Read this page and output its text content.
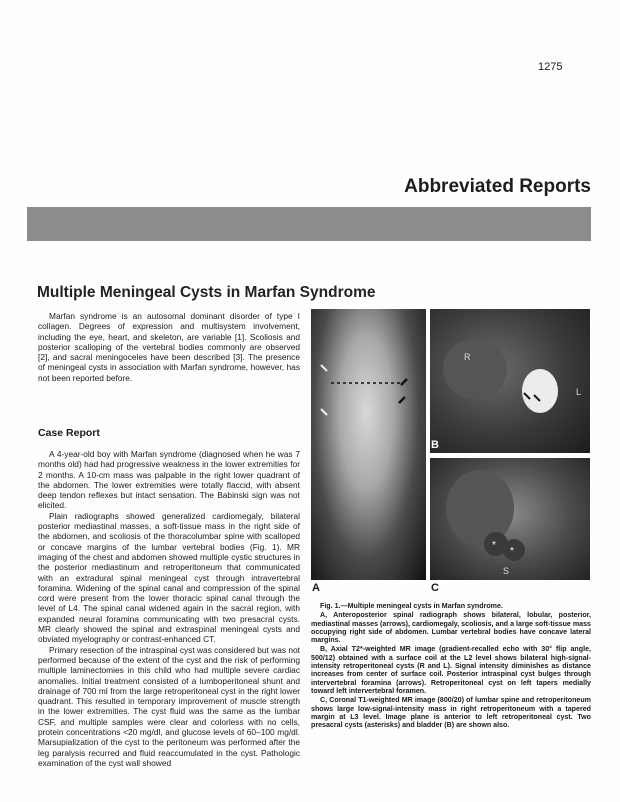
1275
Abbreviated Reports
Multiple Meningeal Cysts in Marfan Syndrome

Marfan syndrome is an autosomal dominant disorder of type I collagen. Degrees of expression and multisystem involvement, including the eye, heart, and skeleton, are variable [1]. Scoliosis and posterior scalloping of the vertebral bodies commonly are observed [2], and sacral meningoceles have been described [3]. The presence of meningeal cysts in association with Marfan syndrome, however, has not been reported before.

Case Report

A 4-year-old boy with Marfan syndrome (diagnosed when he was 7 months old) had had progressive weakness in the lower extremities for 2 months. A 10-cm mass was palpable in the right lower quadrant of the abdomen. The lower extremities were totally flaccid, with absent deep tendon reflexes but intact sensation. The Babinski sign was not elicited.

Plain radiographs showed generalized cardiomegaly, bilateral posterior mediastinal masses, a soft-tissue mass in the right side of the abdomen, and scoliosis of the thoracolumbar spine with scalloped or concave margins of the lumbar vertebral bodies (Fig. 1). MR imaging of the chest and abdomen showed multiple cystic structures in the posterior mediastinum and retroperitoneum that communicated with an extradural spinal meningeal cyst through intravertebral foramina. Widening of the spinal canal and compression of the spinal cord were present from the lower thoracic spinal canal through the level of L4. The spinal canal widened again in the sacral region, with expanded neural foramina communicating with two presacral cysts. MR clearly showed the spinal and extraspinal meningeal cysts and obviated myelography or contrast-enhanced CT.

Primary resection of the intraspinal cyst was considered but was not performed because of the extent of the cyst and the risk of performing multiple laminectomies in this child who had multiple severe cardiac anomalies. Initial treatment consisted of a lumboperitoneal shunt and drainage of 700 ml from the large retroperitoneal cyst in the right lower quadrant. This resulted in temporary improvement of muscle strength in the lower extremities. The cyst fluid was the same as the lumbar CSF, and multiple samples were clear and colorless with no cells, protein concentrations <20 mg/dl, and glucose levels of 60–100 mg/dl. Marsupialization of the cyst to the peritoneum was performed after the leg paralysis recurred and fluid reaccumulated in the cyst. Pathologic examination of the cyst wall showed

R
L
*
*
S
A
B
C

Fig. 1.—Multiple meningeal cysts in Marfan syndrome.

A, Anteroposterior spinal radiograph shows bilateral, lobular, posterior, mediastinal masses (arrows), cardiomegaly, scoliosis, and a large soft-tissue mass occupying right side of abdomen. Lumbar vertebral bodies have concave lateral margins.

B, Axial T2*-weighted MR image (gradient-recalled echo with 30° flip angle, 500/12) obtained with a surface coil at the L2 level shows bilateral high-signal-intensity retroperitoneal cysts (R and L). Signal intensity diminishes as distance increases from center of surface coil. Posterior intraspinal cyst bulges through intervertebral foramina (arrows). Retroperitoneal cyst on left tapers medially toward left intervertebral foramen.

C, Coronal T1-weighted MR image (800/20) of lumbar spine and retroperitoneum shows large low-signal-intensity mass in right retroperitoneum with a tapered margin at L3 level. Image plane is anterior to left retroperitoneal cyst. Two presacral cysts (asterisks) and bladder (B) are shown also.
